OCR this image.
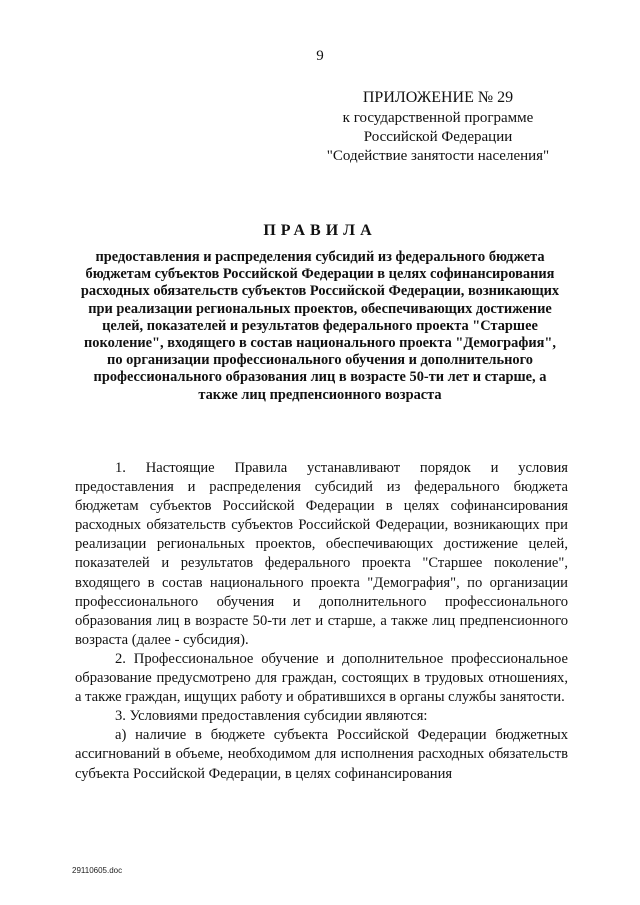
9
ПРИЛОЖЕНИЕ № 29
к государственной программе
Российской Федерации
"Содействие занятости населения"
ПРАВИЛА
предоставления и распределения субсидий из федерального бюджета бюджетам субъектов Российской Федерации в целях софинансирования расходных обязательств субъектов Российской Федерации, возникающих при реализации региональных проектов, обеспечивающих достижение целей, показателей и результатов федерального проекта "Старшее поколение", входящего в состав национального проекта "Демография", по организации профессионального обучения и дополнительного профессионального образования лиц в возрасте 50-ти лет и старше, а также лиц предпенсионного возраста

1. Настоящие Правила устанавливают порядок и условия предоставления и распределения субсидий из федерального бюджета бюджетам субъектов Российской Федерации в целях софинансирования расходных обязательств субъектов Российской Федерации, возникающих при реализации региональных проектов, обеспечивающих достижение целей, показателей и результатов федерального проекта "Старшее поколение", входящего в состав национального проекта "Демография", по организации профессионального обучения и дополнительного профессионального образования лиц в возрасте 50-ти лет и старше, а также лиц предпенсионного возраста (далее - субсидия).

2. Профессиональное обучение и дополнительное профессиональное образование предусмотрено для граждан, состоящих в трудовых отношениях, а также граждан, ищущих работу и обратившихся в органы службы занятости.

3. Условиями предоставления субсидии являются:

а) наличие в бюджете субъекта Российской Федерации бюджетных ассигнований в объеме, необходимом для исполнения расходных обязательств субъекта Российской Федерации, в целях софинансирования

29110605.doc
